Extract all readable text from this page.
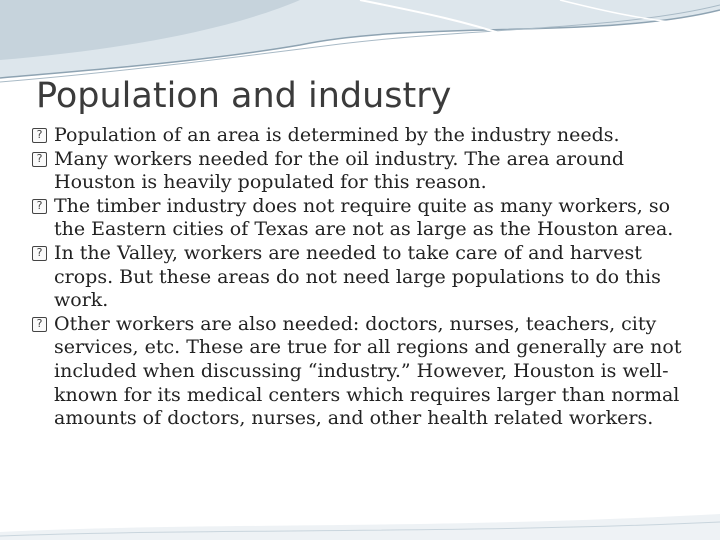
Population and industry
?
Population of an area is determined by the industry needs.
?
Many workers needed for the oil industry. The area around Houston is heavily populated for this reason.
?
The timber industry does not require quite as many workers, so the Eastern cities of Texas are not as large as the Houston area.
?
In the Valley, workers are needed to take care of and harvest crops. But these areas do not need large populations to do this work.
?
Other workers are also needed: doctors, nurses, teachers, city services, etc. These are true for all regions and generally are not included when discussing “industry.” However, Houston is well-known for its medical centers which requires larger than normal amounts of doctors, nurses, and other health related workers.
